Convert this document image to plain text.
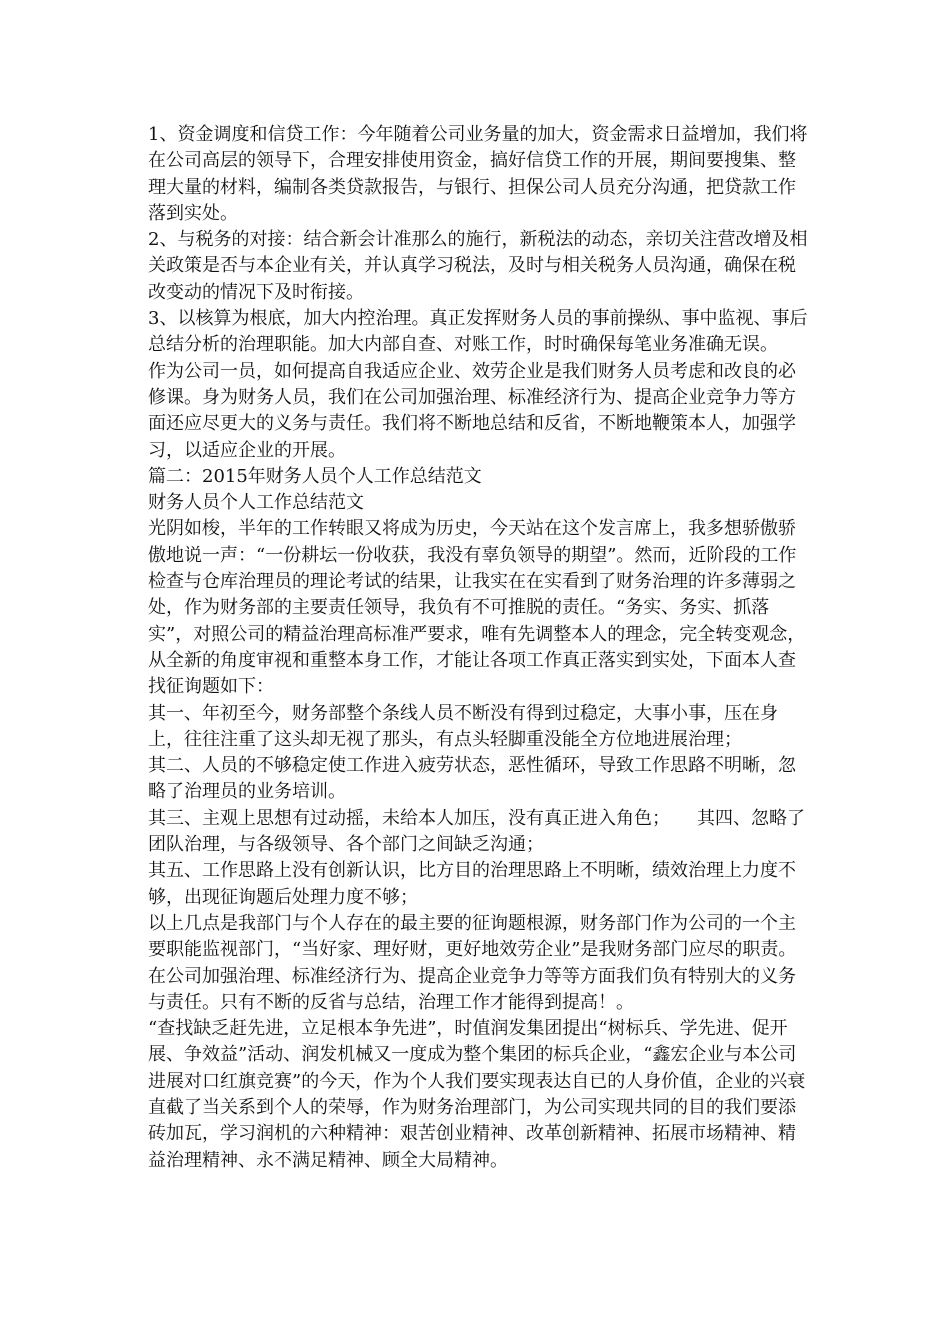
1、资金调度和信贷工作：今年随着公司业务量的加大，资金需求日益增加，我们将在公司高层的领导下，合理安排使用资金，搞好信贷工作的开展，期间要搜集、整理大量的材料，编制各类贷款报告，与银行、担保公司人员充分沟通，把贷款工作落到实处。

2、与税务的对接：结合新会计准那么的施行，新税法的动态，亲切关注营改增及相关政策是否与本企业有关，并认真学习税法，及时与相关税务人员沟通，确保在税改变动的情况下及时衔接。

3、以核算为根底，加大内控治理。真正发挥财务人员的事前操纵、事中监视、事后总结分析的治理职能。加大内部自查、对账工作，时时确保每笔业务准确无误。

作为公司一员，如何提高自我适应企业、效劳企业是我们财务人员考虑和改良的必修课。身为财务人员，我们在公司加强治理、标准经济行为、提高企业竞争力等方面还应尽更大的义务与责任。我们将不断地总结和反省，不断地鞭策本人，加强学习，以适应企业的开展。

篇二：2015年财务人员个人工作总结范文

财务人员个人工作总结范文

光阴如梭，半年的工作转眼又将成为历史，今天站在这个发言席上，我多想骄傲骄傲地说一声：“一份耕坛一份收获，我没有辜负领导的期望”。然而，近阶段的工作检查与仓库治理员的理论考试的结果，让我实在在实看到了财务治理的许多薄弱之处，作为财务部的主要责任领导，我负有不可推脱的责任。“务实、务实、抓落实”，对照公司的精益治理高标准严要求，唯有先调整本人的理念，完全转变观念，从全新的角度审视和重整本身工作，才能让各项工作真正落实到实处，下面本人查找征询题如下：

其一、年初至今，财务部整个条线人员不断没有得到过稳定，大事小事，压在身上，往往注重了这头却无视了那头，有点头轻脚重没能全方位地进展治理；

其二、人员的不够稳定使工作进入疲劳状态，恶性循环，导致工作思路不明晰，忽略了治理员的业务培训。

其三、主观上思想有过动摇，未给本人加压，没有真正进入角色；　　其四、忽略了团队治理，与各级领导、各个部门之间缺乏沟通；

其五、工作思路上没有创新认识，比方目的治理思路上不明晰，绩效治理上力度不够，出现征询题后处理力度不够；

以上几点是我部门与个人存在的最主要的征询题根源，财务部门作为公司的一个主要职能监视部门，“当好家、理好财，更好地效劳企业”是我财务部门应尽的职责。在公司加强治理、标准经济行为、提高企业竞争力等等方面我们负有特别大的义务与责任。只有不断的反省与总结，治理工作才能得到提高！。

“查找缺乏赶先进，立足根本争先进”，时值润发集团提出“树标兵、学先进、促开展、争效益”活动、润发机械又一度成为整个集团的标兵企业，“鑫宏企业与本公司进展对口红旗竞赛”的今天，作为个人我们要实现表达自已的人身价值，企业的兴衰直截了当关系到个人的荣辱，作为财务治理部门，为公司实现共同的目的我们要添砖加瓦，学习润机的六种精神：艰苦创业精神、改革创新精神、拓展市场精神、精益治理精神、永不满足精神、顾全大局精神。
